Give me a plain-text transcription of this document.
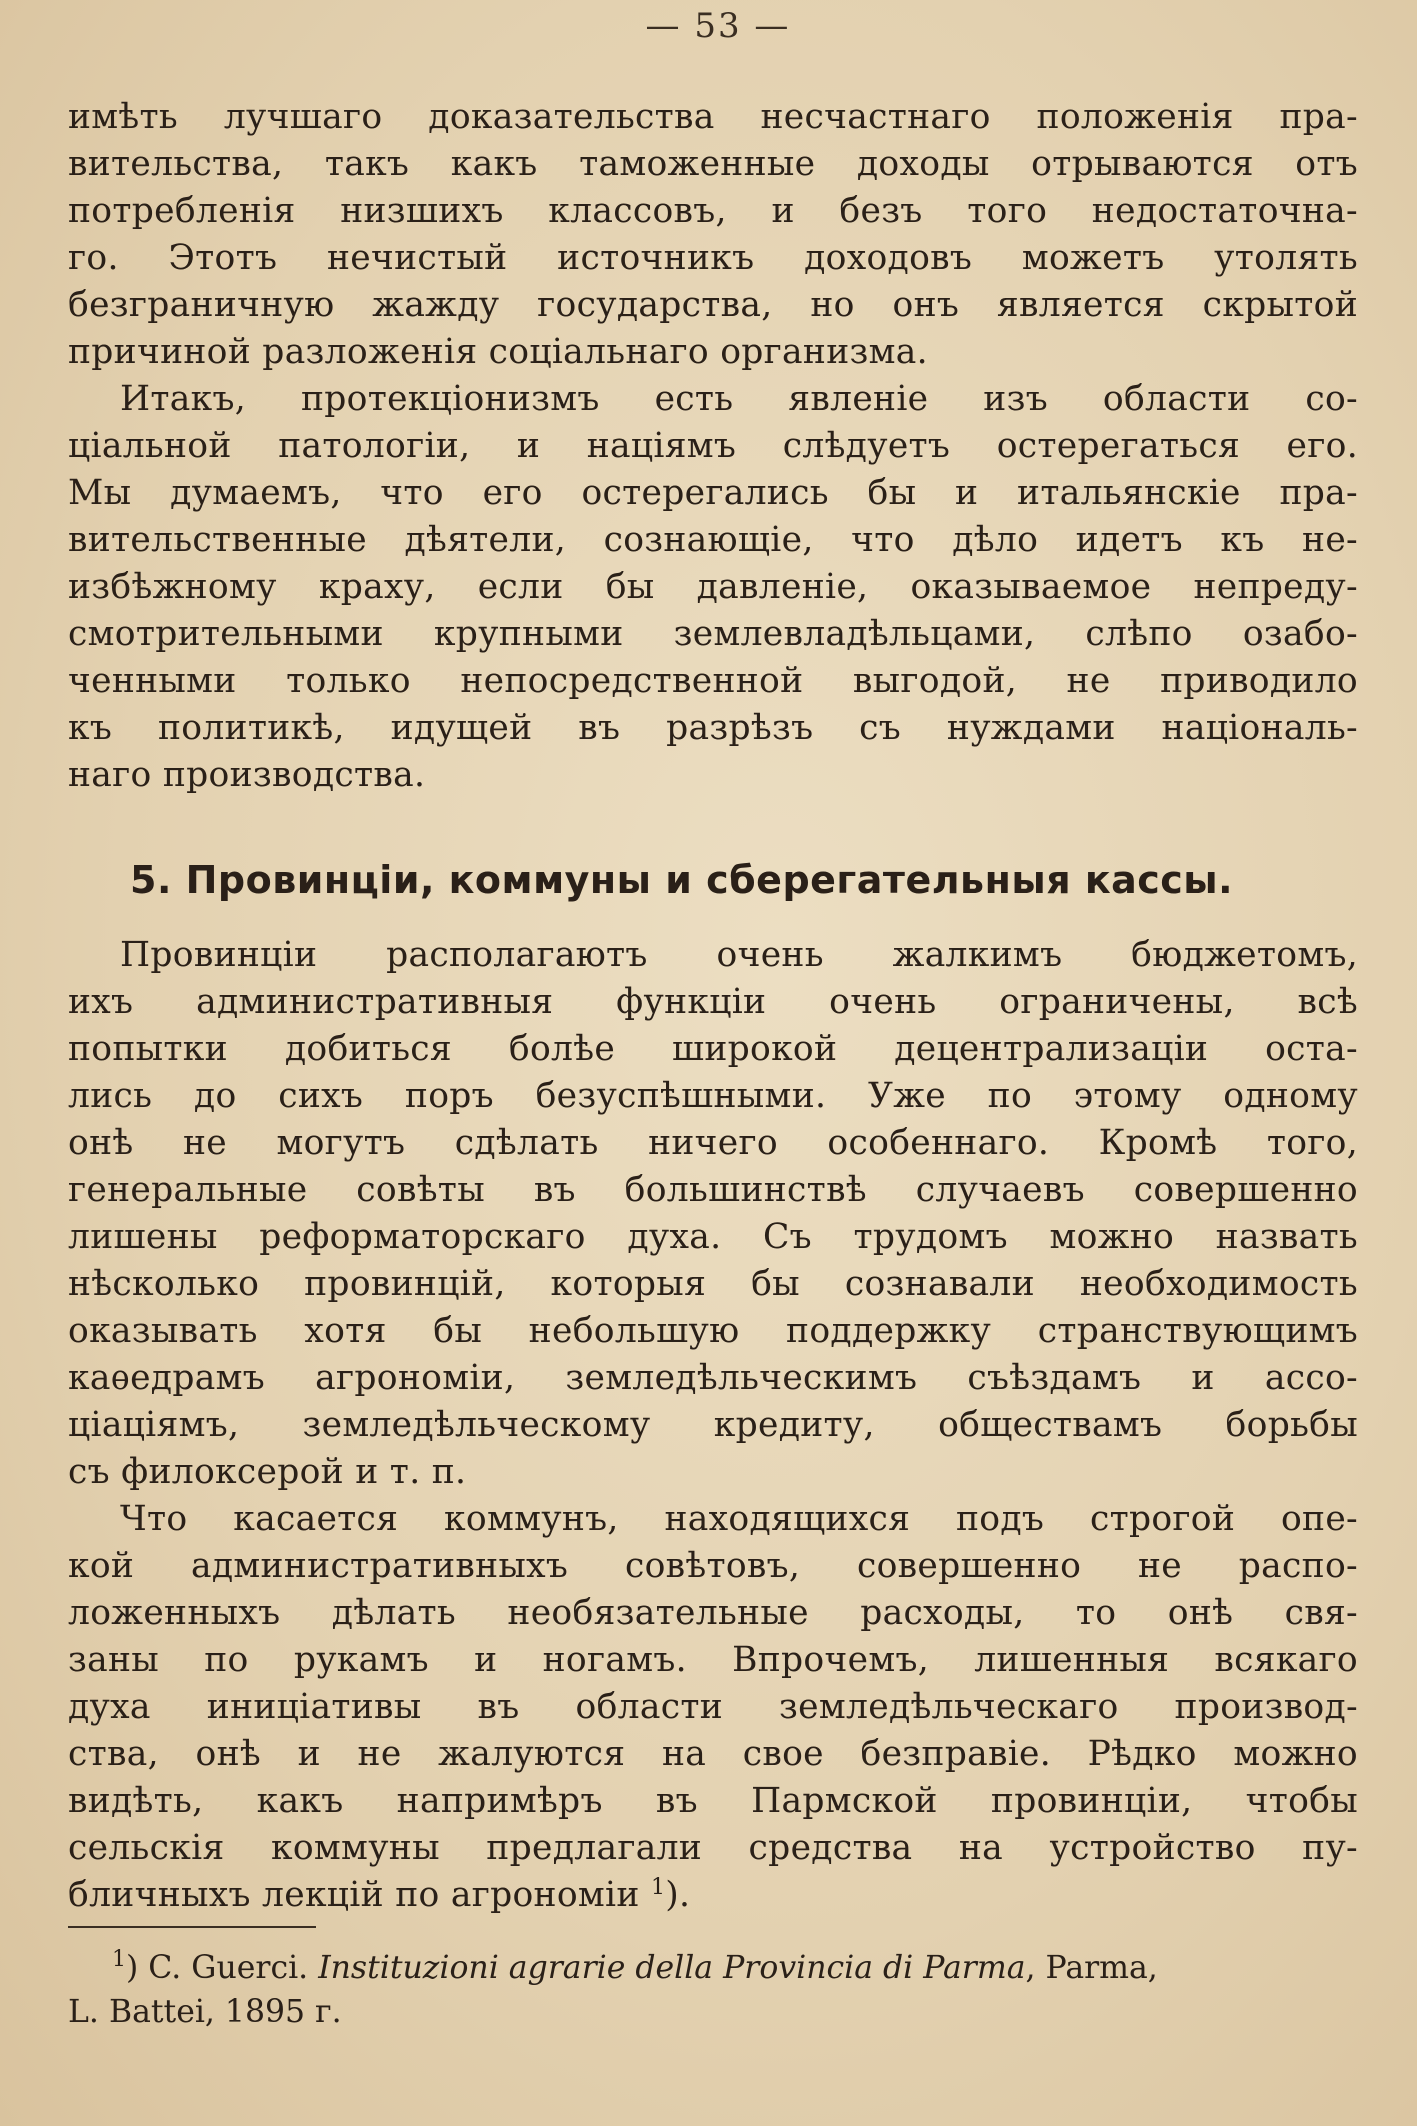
— 53 —
имѣть лучшаго доказательства несчастнаго положенія пра-
вительства, такъ какъ таможенные доходы отрываются отъ
потребленія низшихъ классовъ, и безъ того недостаточна-
го. Этотъ нечистый источникъ доходовъ можетъ утолять
безграничную жажду государства, но онъ является скрытой
причиной разложенія соціальнаго организма.
Итакъ, протекціонизмъ есть явленіе изъ области со-
ціальной патологіи, и націямъ слѣдуетъ остерегаться его.
Мы думаемъ, что его остерегались бы и итальянскіе пра-
вительственные дѣятели, сознающіе, что дѣло идетъ къ не-
избѣжному краху, если бы давленіе, оказываемое непреду-
смотрительными крупными землевладѣльцами, слѣпо озабо-
ченными только непосредственной выгодой, не приводило
къ политикѣ, идущей въ разрѣзъ съ нуждами національ-
наго производства.
5. Провинціи, коммуны и сберегательныя кассы.
Провинціи располагаютъ очень жалкимъ бюджетомъ,
ихъ административныя функціи очень ограничены, всѣ
попытки добиться болѣе широкой децентрализаціи оста-
лись до сихъ поръ безуспѣшными. Уже по этому одному
онѣ не могутъ сдѣлать ничего особеннаго. Кромѣ того,
генеральные совѣты въ большинствѣ случаевъ совершенно
лишены реформаторскаго духа. Съ трудомъ можно назвать
нѣсколько провинцій, которыя бы сознавали необходимость
оказывать хотя бы небольшую поддержку странствующимъ
каѳедрамъ агрономіи, земледѣльческимъ съѣздамъ и ассо-
ціаціямъ, земледѣльческому кредиту, обществамъ борьбы
съ филоксерой и т. п.
Что касается коммунъ, находящихся подъ строгой опе-
кой административныхъ совѣтовъ, совершенно не распо-
ложенныхъ дѣлать необязательные расходы, то онѣ свя-
заны по рукамъ и ногамъ. Впрочемъ, лишенныя всякаго
духа иниціативы въ области земледѣльческаго производ-
ства, онѣ и не жалуются на свое безправіе. Рѣдко можно
видѣть, какъ напримѣръ въ Пармской провинціи, чтобы
сельскія коммуны предлагали средства на устройство пу-
бличныхъ лекцій по агрономіи $^1$).
$^1$) C. Guerci. Instituzioni agrarie della Provincia di Parma, Parma,
L. Battei, 1895 г.
